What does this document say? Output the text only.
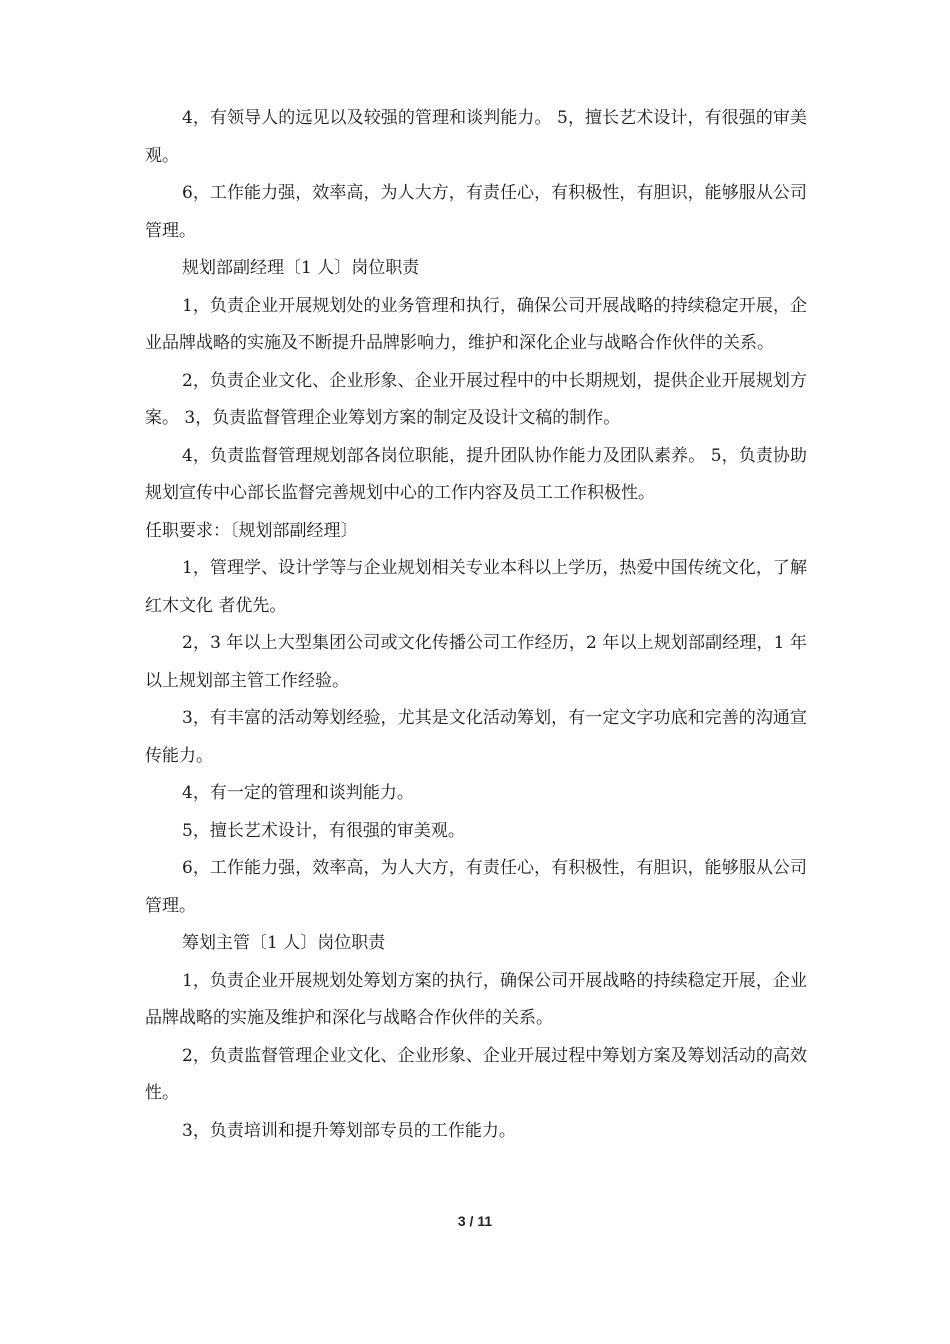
4，有领导人的远见以及较强的管理和谈判能力。 5，擅长艺术设计，有很强的审美观。

6，工作能力强，效率高，为人大方，有责任心，有积极性，有胆识，能够服从公司管理。

规划部副经理〔1 人〕岗位职责

1，负责企业开展规划处的业务管理和执行，确保公司开展战略的持续稳定开展，企业品牌战略的实施及不断提升品牌影响力，维护和深化企业与战略合作伙伴的关系。

2，负责企业文化、企业形象、企业开展过程中的中长期规划，提供企业开展规划方案。 3，负责监督管理企业筹划方案的制定及设计文稿的制作。

4，负责监督管理规划部各岗位职能，提升团队协作能力及团队素养。 5，负责协助规划宣传中心部长监督完善规划中心的工作内容及员工工作积极性。

任职要求：〔规划部副经理〕

1，管理学、设计学等与企业规划相关专业本科以上学历，热爱中国传统文化，了解红木文化 者优先。

2，3 年以上大型集团公司或文化传播公司工作经历，2 年以上规划部副经理，1 年以上规划部主管工作经验。

3，有丰富的活动筹划经验，尤其是文化活动筹划，有一定文字功底和完善的沟通宣传能力。

4，有一定的管理和谈判能力。

5，擅长艺术设计，有很强的审美观。

6，工作能力强，效率高，为人大方，有责任心，有积极性，有胆识，能够服从公司管理。

筹划主管〔1 人〕岗位职责

1，负责企业开展规划处筹划方案的执行，确保公司开展战略的持续稳定开展，企业品牌战略的实施及维护和深化与战略合作伙伴的关系。

2，负责监督管理企业文化、企业形象、企业开展过程中筹划方案及筹划活动的高效性。

3，负责培训和提升筹划部专员的工作能力。

3 / 11
